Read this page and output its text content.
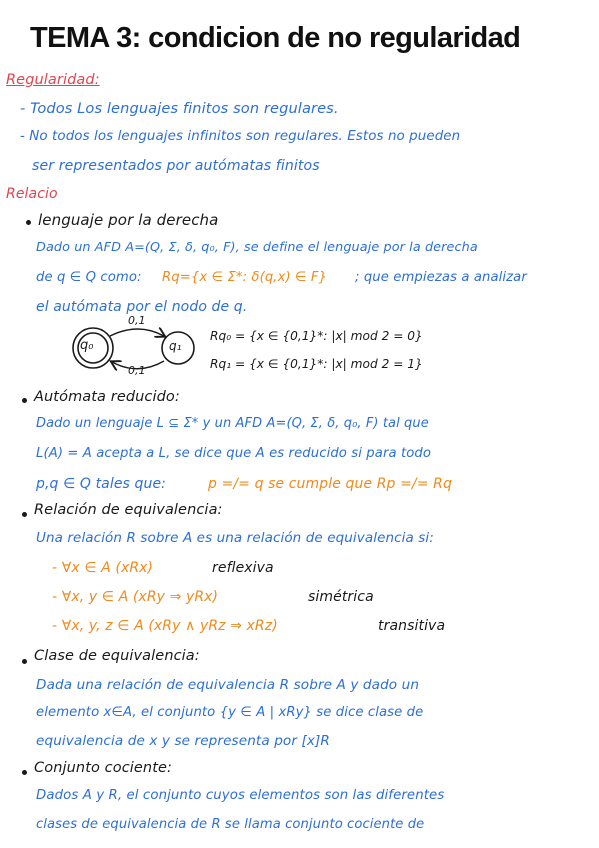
TEMA 3: condicion de no regularidad
Regularidad:
- Todos Los lenguajes finitos son regulares.
- No todos los lenguajes infinitos son regulares. Estos no pueden
ser representados por autómatas finitos
Relacio
lenguaje por la derecha
Dado un AFD A=(Q, Σ, δ, q₀, F), se define el lenguaje por la derecha
de q ∈ Q como: Rq={x ∈ Σ*: δ(q,x) ∈ F} ; que empiezas a analizar
el autómata por el nodo de q.
q₀	q₁
0,1
0,1
Rq₀ = {x ∈ {0,1}*: |x| mod 2 = 0}
Rq₁ = {x ∈ {0,1}*: |x| mod 2 = 1}
Autómata reducido:
Dado un lenguaje L ⊆ Σ* y un AFD A=(Q, Σ, δ, q₀, F) tal que
L(A) = A acepta a L, se dice que A es reducido si para todo
p,q ∈ Q tales que:	p =/= q se cumple que Rp =/= Rq
Relación de equivalencia:
Una relación R sobre A es una relación de equivalencia si:
- ∀x ∈ A (xRx)	reflexiva
- ∀x, y ∈ A (xRy ⇒ yRx)	simétrica
- ∀x, y, z ∈ A (xRy ∧ yRz ⇒ xRz)	transitiva
Clase de equivalencia:
Dada una relación de equivalencia R sobre A y dado un
elemento x∈A, el conjunto {y ∈ A | xRy} se dice clase de
equivalencia de x y se representa por [x]R
Conjunto cociente:
Dados A y R, el conjunto cuyos elementos son las diferentes
clases de equivalencia de R se llama conjunto cociente de
